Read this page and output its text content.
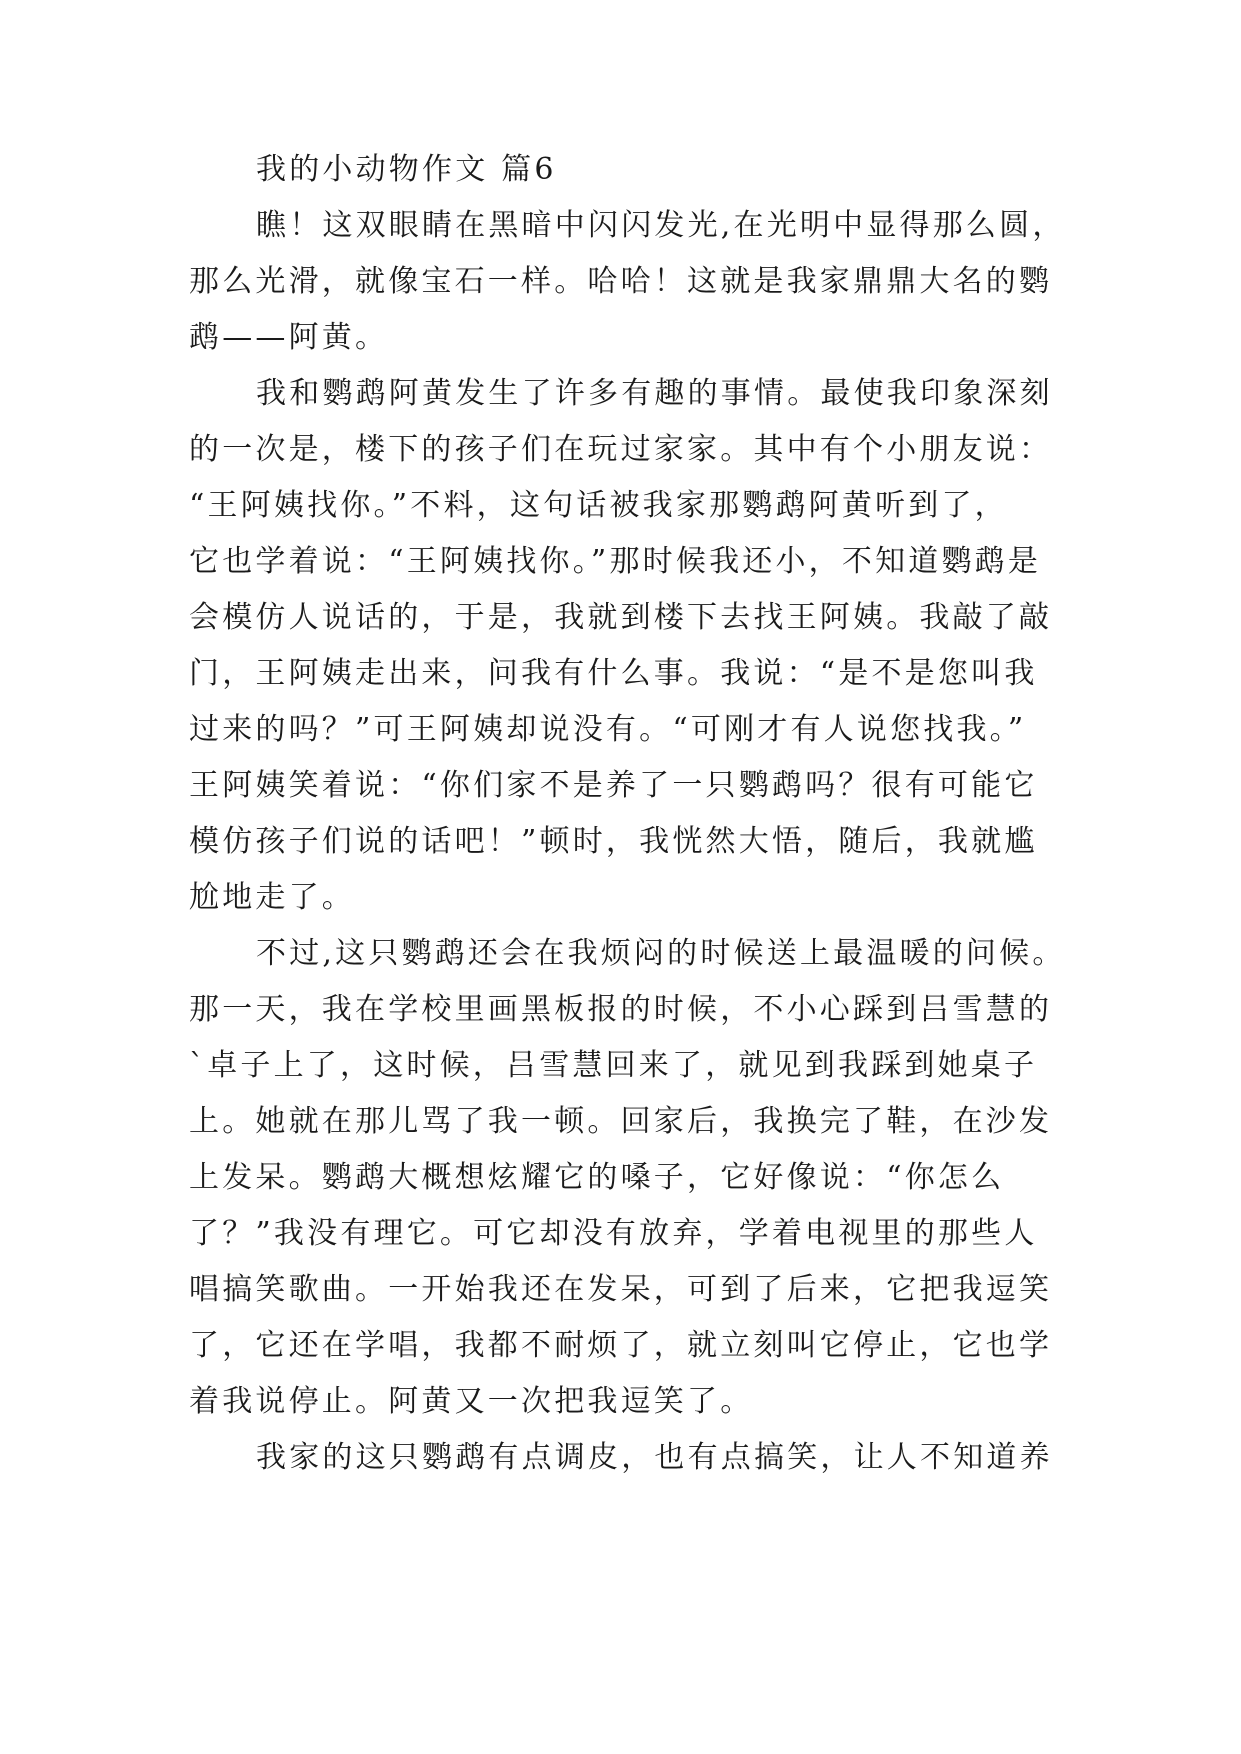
我的小动物作文 篇6
瞧！这双眼睛在黑暗中闪闪发光,在光明中显得那么圆，
那么光滑，就像宝石一样。哈哈！这就是我家鼎鼎大名的鹦
鹉——阿黄。
我和鹦鹉阿黄发生了许多有趣的事情。最使我印象深刻
的一次是，楼下的孩子们在玩过家家。其中有个小朋友说：
“王阿姨找你。”不料，这句话被我家那鹦鹉阿黄听到了，
它也学着说：“王阿姨找你。”那时候我还小，不知道鹦鹉是
会模仿人说话的，于是，我就到楼下去找王阿姨。我敲了敲
门，王阿姨走出来，问我有什么事。我说：“是不是您叫我
过来的吗？”可王阿姨却说没有。“可刚才有人说您找我。”
王阿姨笑着说：“你们家不是养了一只鹦鹉吗？很有可能它
模仿孩子们说的话吧！”顿时，我恍然大悟，随后，我就尴
尬地走了。
不过,这只鹦鹉还会在我烦闷的时候送上最温暖的问候。
那一天，我在学校里画黑板报的时候，不小心踩到吕雪慧的
`卓子上了，这时候，吕雪慧回来了，就见到我踩到她桌子
上。她就在那儿骂了我一顿。回家后，我换完了鞋，在沙发
上发呆。鹦鹉大概想炫耀它的嗓子，它好像说：“你怎么
了？”我没有理它。可它却没有放弃，学着电视里的那些人
唱搞笑歌曲。一开始我还在发呆，可到了后来，它把我逗笑
了，它还在学唱，我都不耐烦了，就立刻叫它停止，它也学
着我说停止。阿黄又一次把我逗笑了。
我家的这只鹦鹉有点调皮，也有点搞笑，让人不知道养
